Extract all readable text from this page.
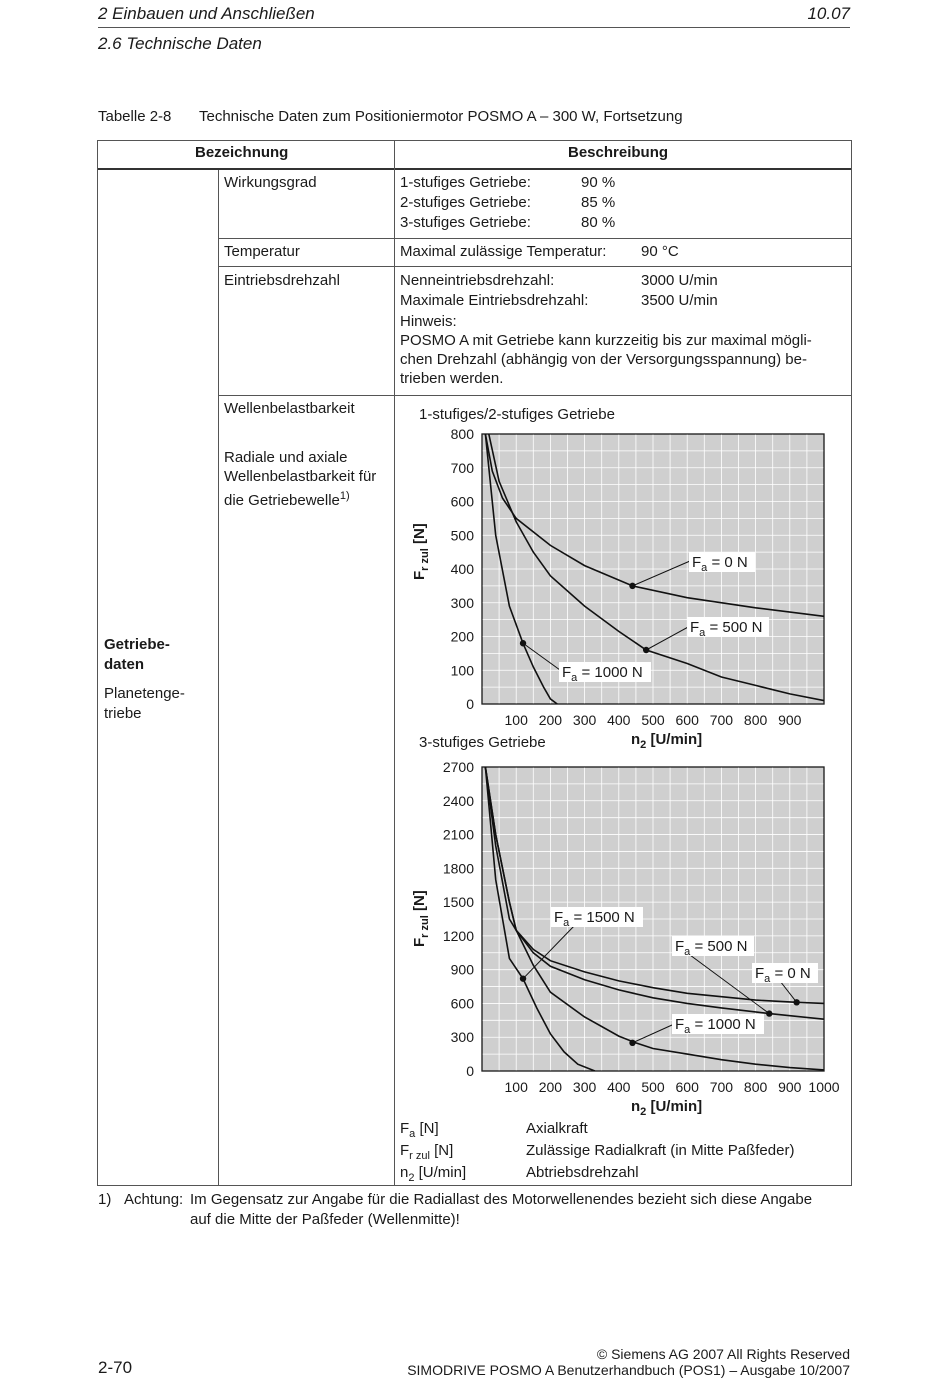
2 Einbauen und Anschließen	10.07
2.6 Technische Daten
Tabelle 2-8 Technische Daten zum Positioniermotor POSMO A – 300 W, Fortsetzung
Bezeichnung	Beschreibung
Getriebe-
daten
Planetenge-
triebe
Wirkungsgrad	1-stufiges Getriebe:	90 %
2-stufiges Getriebe:	85 %
3-stufiges Getriebe:	80 %
Temperatur	Maximal zulässige Temperatur: 90 °C
Eintriebsdrehzahl	Nenneintriebsdrehzahl:	3000 U/min
Maximale Eintriebsdrehzahl:	3500 U/min
Hinweis:
POSMO A mit Getriebe kann kurzzeitig bis zur maximal mögli-
chen Drehzahl (abhängig von der Versorgungsspannung) be-
trieben werden.
Wellenbelastbarkeit
Radiale und axiale
Wellenbelastbarkeit für
die Getriebewelle$^{1)}$
1-stufiges/2-stufiges Getriebe
0
100
200
300
400
500
600
700
800
100 200 300 400 500 600 700 800 900
$n_2$ [U/min]
$F_{r zul}$ [N]
$F_a = 0$ N
$F_a = 500$ N
$F_a = 1000$ N
3-stufiges Getriebe
0
300
600
900
1200
1500
1800
2100
2400
2700
100 200 300 400 500 600 700 800 900 1000
$n_2$ [U/min]
$F_{r zul}$ [N]
$F_a = 0$ N
$F_a = 500$ N
$F_a = 1500$ N
$F_a = 1000$ N
$F_a$ [N]	Axialkraft
$F_{r zul}$ [N]	Zulässige Radialkraft (in Mitte Paßfeder)
$n_2$ [U/min]	Abtriebsdrehzahl
1) Achtung: Im Gegensatz zur Angabe für die Radiallast des Motorwellenendes bezieht sich diese Angabe
auf die Mitte der Paßfeder (Wellenmitte)!
2-70
© Siemens AG 2007 All Rights Reserved
SIMODRIVE POSMO A Benutzerhandbuch (POS1) – Ausgabe 10/2007
